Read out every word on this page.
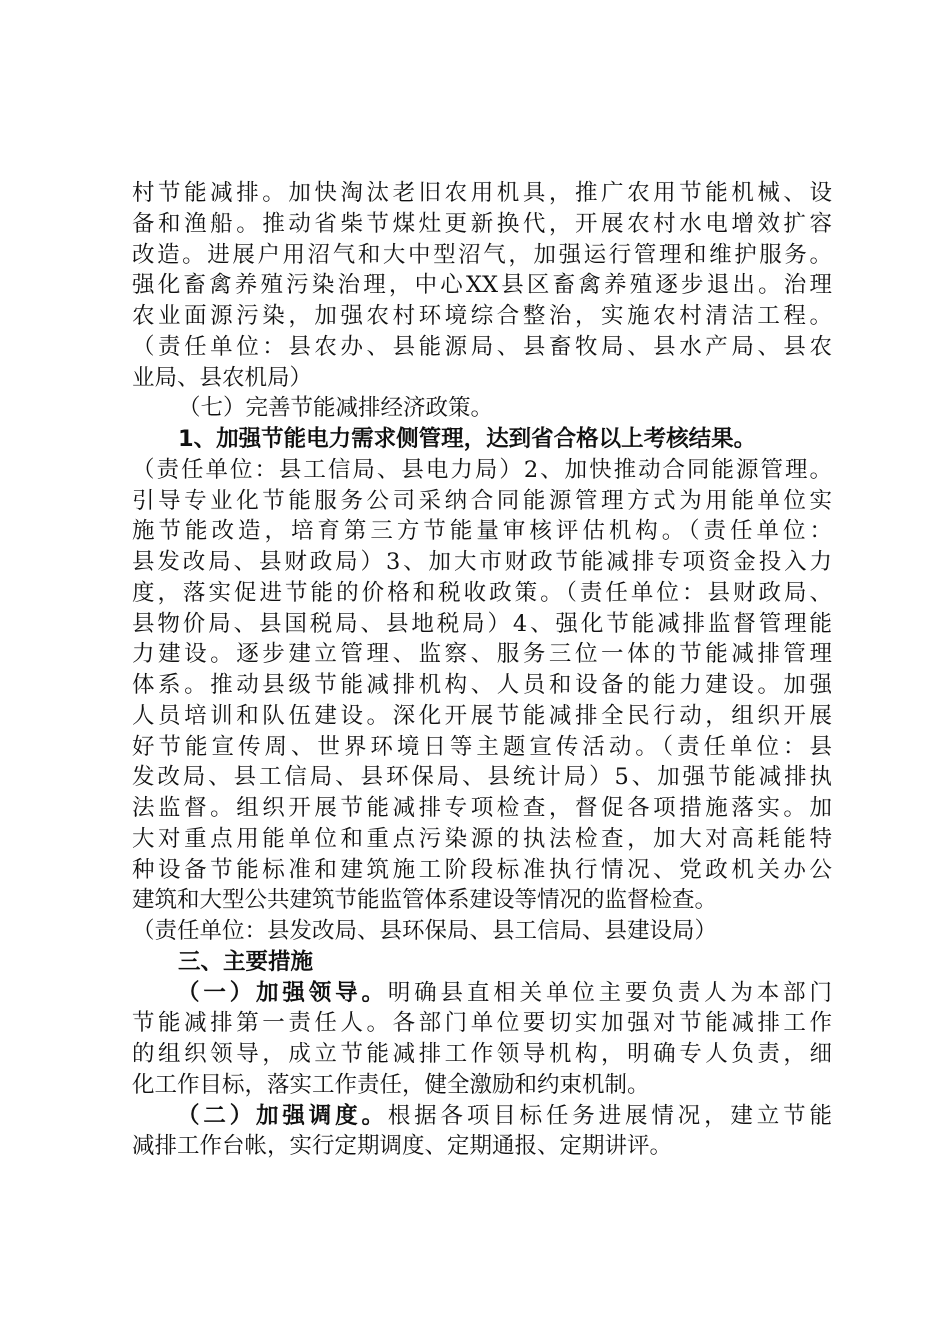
村节能减排。加快淘汰老旧农用机具，推广农用节能机械、设
备和渔船。推动省柴节煤灶更新换代，开展农村水电增效扩容
改造。进展户用沼气和大中型沼气，加强运行管理和维护服务。
强化畜禽养殖污染治理，中心XX县区畜禽养殖逐步退出。治理
农业面源污染，加强农村环境综合整治，实施农村清洁工程。
（责任单位：县农办、县能源局、县畜牧局、县水产局、县农
业局、县农机局）
（七）完善节能减排经济政策。
1、加强节能电力需求侧管理，达到省合格以上考核结果。
（责任单位：县工信局、县电力局）2、加快推动合同能源管理。
引导专业化节能服务公司采纳合同能源管理方式为用能单位实
施节能改造，培育第三方节能量审核评估机构。（责任单位：
县发改局、县财政局）3、加大市财政节能减排专项资金投入力
度，落实促进节能的价格和税收政策。（责任单位：县财政局、
县物价局、县国税局、县地税局）4、强化节能减排监督管理能
力建设。逐步建立管理、监察、服务三位一体的节能减排管理
体系。推动县级节能减排机构、人员和设备的能力建设。加强
人员培训和队伍建设。深化开展节能减排全民行动，组织开展
好节能宣传周、世界环境日等主题宣传活动。（责任单位：县
发改局、县工信局、县环保局、县统计局）5、加强节能减排执
法监督。组织开展节能减排专项检查，督促各项措施落实。加
大对重点用能单位和重点污染源的执法检查，加大对高耗能特
种设备节能标准和建筑施工阶段标准执行情况、党政机关办公
建筑和大型公共建筑节能监管体系建设等情况的监督检查。
（责任单位：县发改局、县环保局、县工信局、县建设局）
三、主要措施
（一）加强领导。明确县直相关单位主要负责人为本部门
节能减排第一责任人。各部门单位要切实加强对节能减排工作
的组织领导，成立节能减排工作领导机构，明确专人负责，细
化工作目标，落实工作责任，健全激励和约束机制。
（二）加强调度。根据各项目标任务进展情况，建立节能
减排工作台帐，实行定期调度、定期通报、定期讲评。
